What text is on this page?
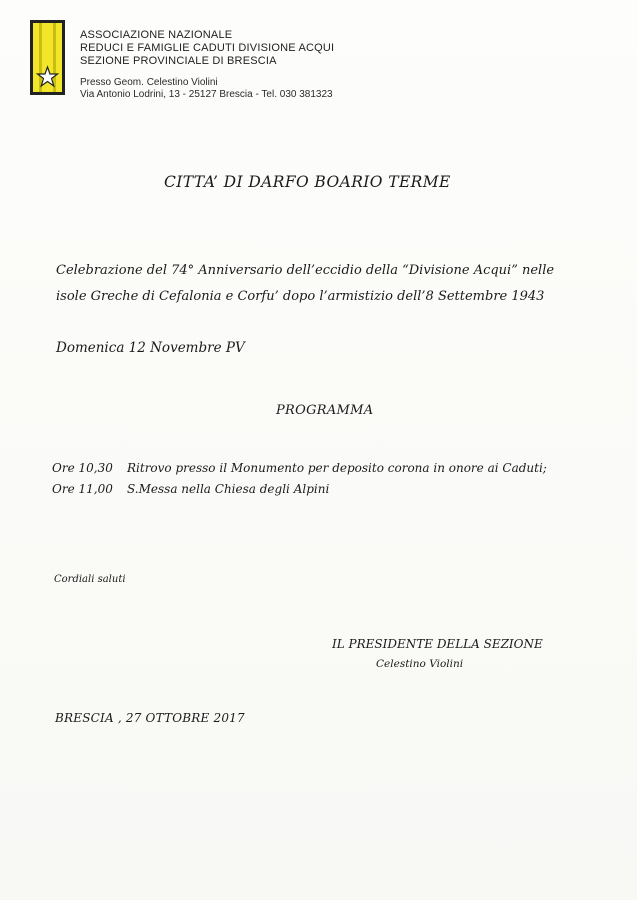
ASSOCIAZIONE NAZIONALE
REDUCI E FAMIGLIE CADUTI DIVISIONE ACQUI
SEZIONE PROVINCIALE DI BRESCIA
Presso Geom. Celestino Violini
Via Antonio Lodrini, 13 - 25127 Brescia - Tel. 030 381323
CITTA’ DI DARFO BOARIO TERME
Celebrazione del 74° Anniversario dell’eccidio della “Divisione Acqui” nelle
isole Greche di Cefalonia e Corfu’ dopo l’armistizio dell’8 Settembre 1943
Domenica 12 Novembre PV
PROGRAMMA
Ore 10,30	Ritrovo presso il Monumento per deposito corona in onore ai Caduti;
Ore 11,00	S.Messa nella Chiesa degli Alpini
Cordiali saluti
IL PRESIDENTE DELLA SEZIONE
Celestino Violini
BRESCIA , 27 OTTOBRE 2017
